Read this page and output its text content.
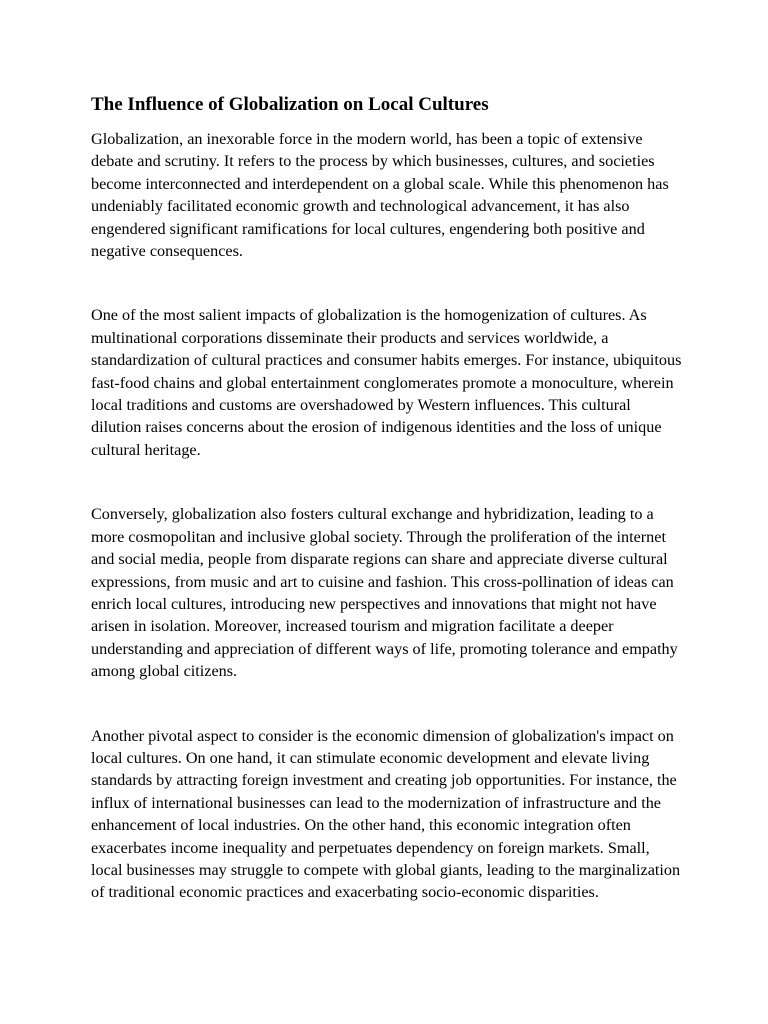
The Influence of Globalization on Local Cultures

Globalization, an inexorable force in the modern world, has been a topic of extensive debate and scrutiny. It refers to the process by which businesses, cultures, and societies become interconnected and interdependent on a global scale. While this phenomenon has undeniably facilitated economic growth and technological advancement, it has also engendered significant ramifications for local cultures, engendering both positive and negative consequences.

One of the most salient impacts of globalization is the homogenization of cultures. As multinational corporations disseminate their products and services worldwide, a standardization of cultural practices and consumer habits emerges. For instance, ubiquitous fast-food chains and global entertainment conglomerates promote a monoculture, wherein local traditions and customs are overshadowed by Western influences. This cultural dilution raises concerns about the erosion of indigenous identities and the loss of unique cultural heritage.

Conversely, globalization also fosters cultural exchange and hybridization, leading to a more cosmopolitan and inclusive global society. Through the proliferation of the internet and social media, people from disparate regions can share and appreciate diverse cultural expressions, from music and art to cuisine and fashion. This cross-pollination of ideas can enrich local cultures, introducing new perspectives and innovations that might not have arisen in isolation. Moreover, increased tourism and migration facilitate a deeper understanding and appreciation of different ways of life, promoting tolerance and empathy among global citizens.

Another pivotal aspect to consider is the economic dimension of globalization's impact on local cultures. On one hand, it can stimulate economic development and elevate living standards by attracting foreign investment and creating job opportunities. For instance, the influx of international businesses can lead to the modernization of infrastructure and the enhancement of local industries. On the other hand, this economic integration often exacerbates income inequality and perpetuates dependency on foreign markets. Small, local businesses may struggle to compete with global giants, leading to the marginalization of traditional economic practices and exacerbating socio-economic disparities.
